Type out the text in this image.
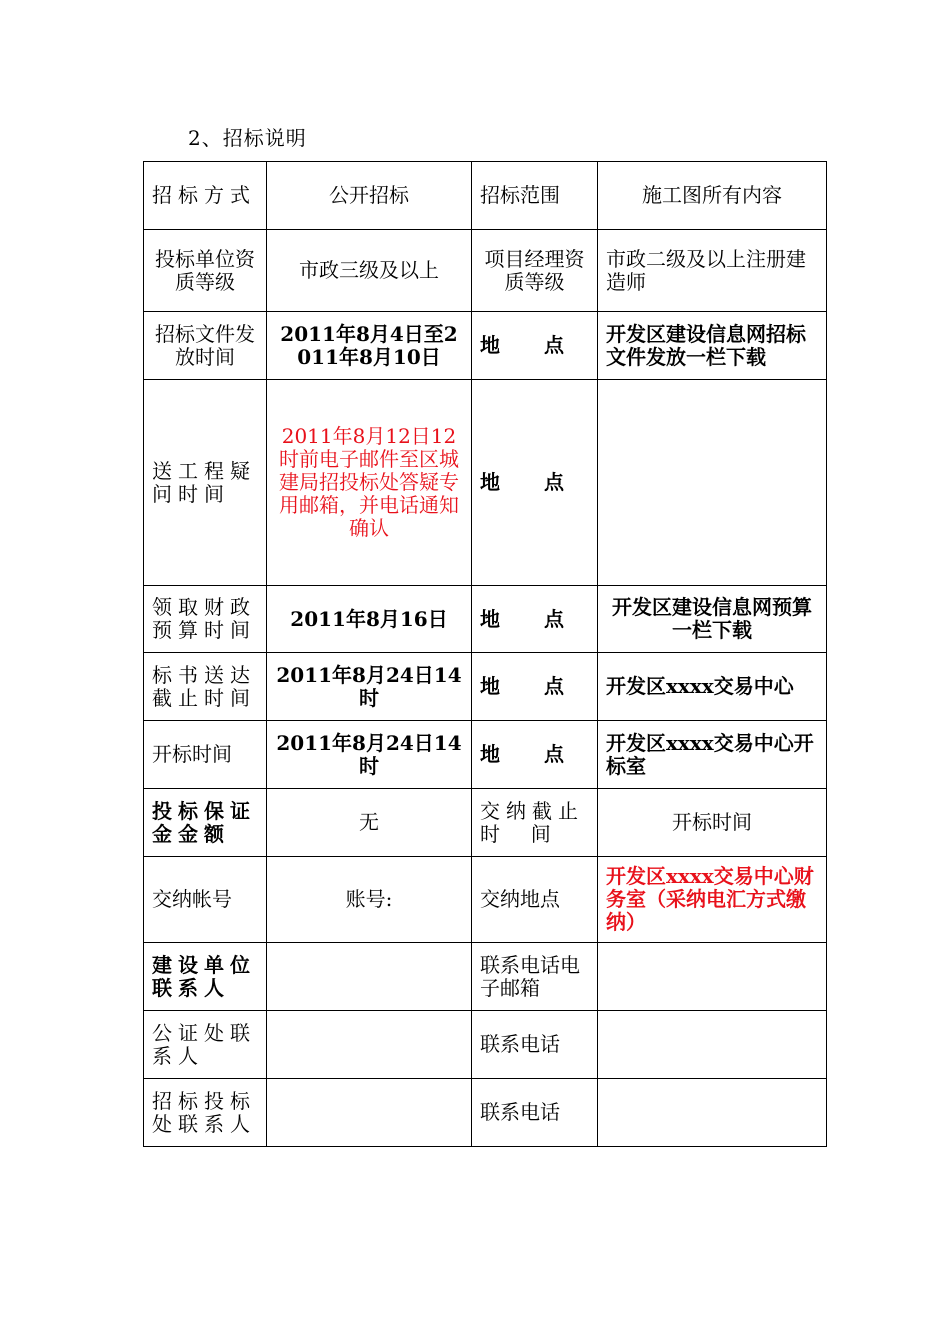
2、招标说明
招标方式	公开招标	招标范围	施工图所有内容
投标单位资质等级	市政三级及以上	项目经理资质等级	市政二级及以上注册建造师
招标文件发放时间	2011年8月4日至2011年8月10日	地 点	开发区建设信息网招标文件发放一栏下载
送工程疑问时间	2011年8月12日12时前电子邮件至区城建局招投标处答疑专用邮箱，并电话通知确认	地 点	
领取财政预算时间	2011年8月16日	地 点	开发区建设信息网预算一栏下载
标书送达截止时间	2011年8月24日14时	地 点	开发区xxxx交易中心
开标时间	2011年8月24日14时	地 点	开发区xxxx交易中心开标室
投标保证金金额	无	交纳截止时  间	开标时间
交纳帐号	账号:	交纳地点	开发区xxxx交易中心财务室（采纳电汇方式缴纳）
建设单位联系人		联系电话电子邮箱	
公证处联系人		联系电话	
招标投标处联系人		联系电话	
